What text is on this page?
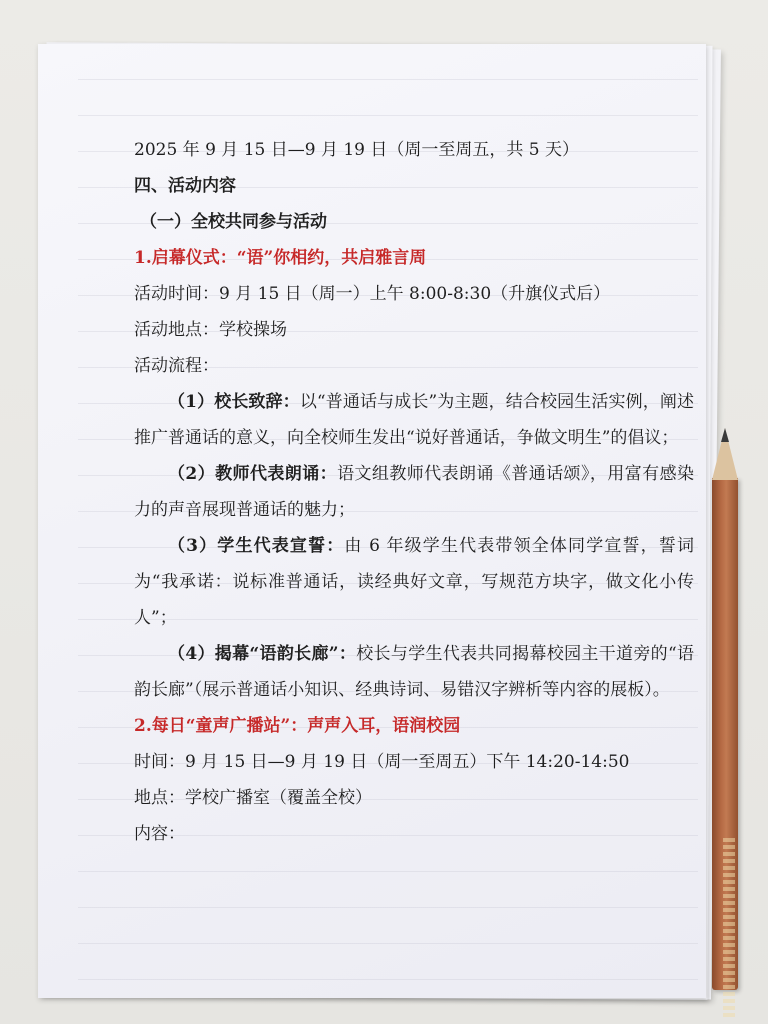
2025 年 9 月 15 日—9 月 19 日（周一至周五，共 5 天）
四、活动内容
（一）全校共同参与活动
1.启幕仪式：“语”你相约，共启雅言周
活动时间：9 月 15 日（周一）上午 8:00-8:30（升旗仪式后）
活动地点：学校操场
活动流程：
（1）校长致辞：以“普通话与成长”为主题，结合校园生活实例，阐述推广普通话的意义，向全校师生发出“说好普通话，争做文明生”的倡议；
（2）教师代表朗诵：语文组教师代表朗诵《普通话颂》，用富有感染力的声音展现普通话的魅力；
（3）学生代表宣誓：由 6 年级学生代表带领全体同学宣誓，誓词为“我承诺：说标准普通话，读经典好文章，写规范方块字，做文化小传人”；
（4）揭幕“语韵长廊”：校长与学生代表共同揭幕校园主干道旁的“语韵长廊”（展示普通话小知识、经典诗词、易错汉字辨析等内容的展板）。
2.每日“童声广播站”：声声入耳，语润校园
时间：9 月 15 日—9 月 19 日（周一至周五）下午 14:20-14:50
地点：学校广播室（覆盖全校）
内容：
